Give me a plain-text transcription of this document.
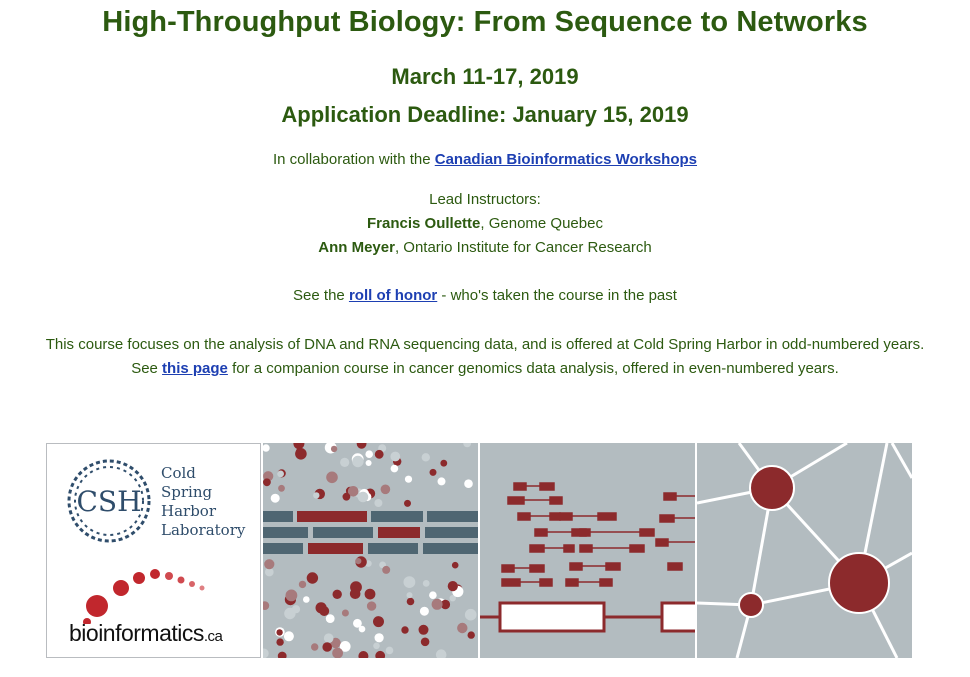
High-Throughput Biology: From Sequence to Networks
March 11-17, 2019
Application Deadline: January 15, 2019
In collaboration with the Canadian Bioinformatics Workshops
Lead Instructors:
Francis Oullette, Genome Quebec
Ann Meyer, Ontario Institute for Cancer Research
See the roll of honor - who's taken the course in the past
This course focuses on the analysis of DNA and RNA sequencing data, and is offered at Cold Spring Harbor in odd-numbered years. See this page for a companion course in cancer genomics data analysis, offered in even-numbered years.
CSH
Cold
Spring
Harbor
Laboratory
bioinformatics.ca
